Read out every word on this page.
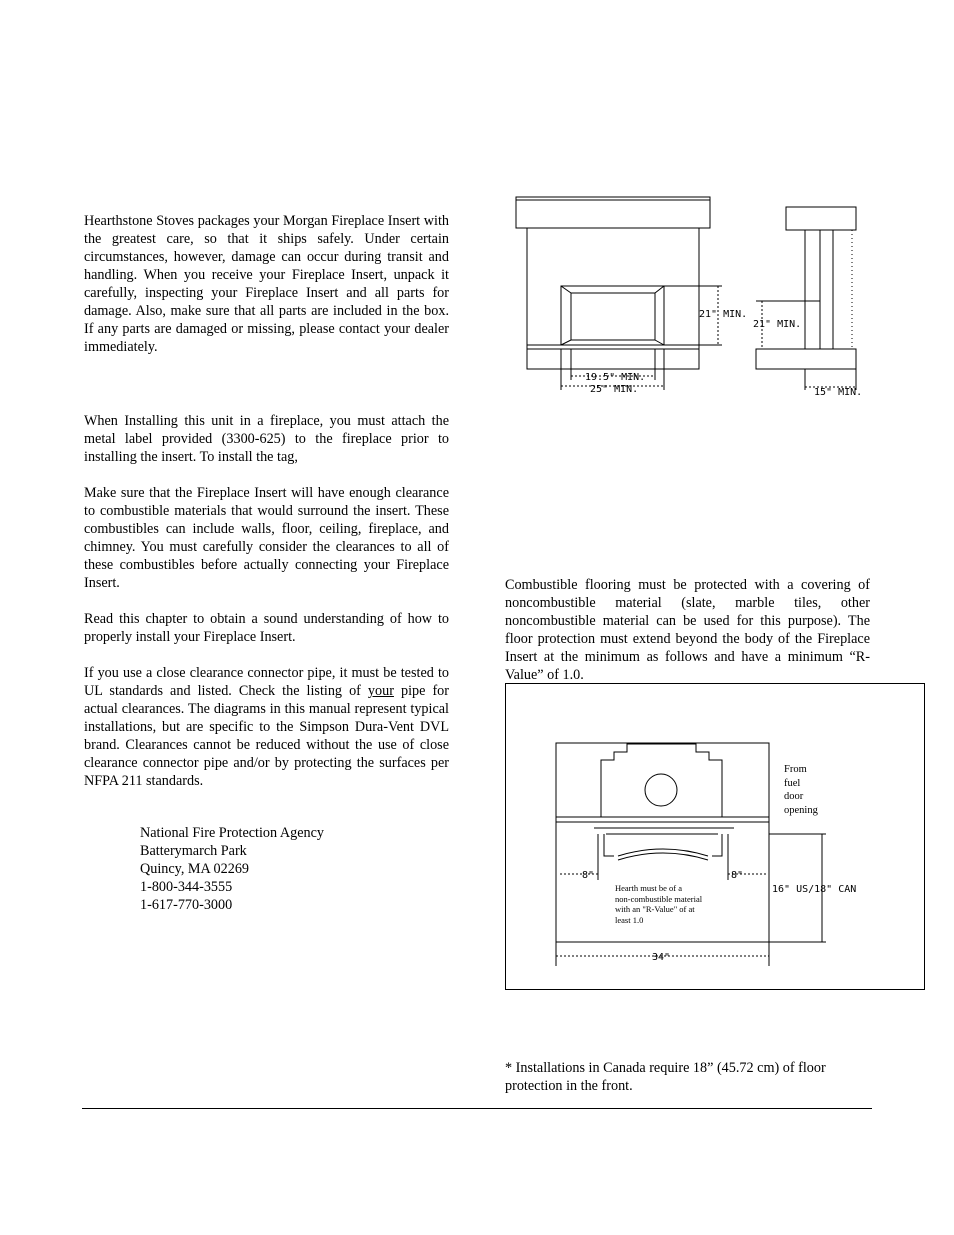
Hearthstone Stoves packages your Morgan Fireplace Insert with the greatest care, so that it ships safely. Under certain circumstances, however, damage can occur during transit and handling. When you receive your Fireplace Insert, unpack it carefully, inspecting your Fireplace Insert and all parts for damage. Also, make sure that all parts are included in the box. If any parts are damaged or missing, please contact your dealer immediately.

When Installing this unit in a fireplace, you must attach the metal label provided (3300-625) to the fireplace prior to installing the insert. To install the tag,

Make sure that the Fireplace Insert will have enough clearance to combustible materials that would surround the insert. These combustibles can include walls, floor, ceiling, fireplace, and chimney. You must carefully consider the clearances to all of these combustibles before actually connecting your Fireplace Insert.

Read this chapter to obtain a sound understanding of how to properly install your Fireplace Insert.

If you use a close clearance connector pipe, it must be tested to UL standards and listed. Check the listing of your pipe for actual clearances. The diagrams in this manual represent typical installations, but are specific to the Simpson Dura-Vent DVL brand. Clearances cannot be reduced without the use of close clearance connector pipe and/or by protecting the surfaces per NFPA 211 standards.

National Fire Protection Agency
Batterymarch Park
Quincy, MA 02269
1-800-344-3555
1-617-770-3000
21" MIN.
21" MIN.
19.5" MIN.
25" MIN.	15" MIN.

Combustible flooring must be protected with a covering of noncombustible material (slate, marble tiles, other noncombustible material can be used for this purpose). The floor protection must extend beyond the body of the Fireplace Insert at the minimum as follows and have a minimum “R-Value” of 1.0.

8"	8"
16" US/18" CAN
34"
From
fuel
door
opening
Hearth must be of a
non-combustible material
with an "R-Value" of at
least 1.0

* Installations in Canada require 18” (45.72 cm) of floor protection in the front.
